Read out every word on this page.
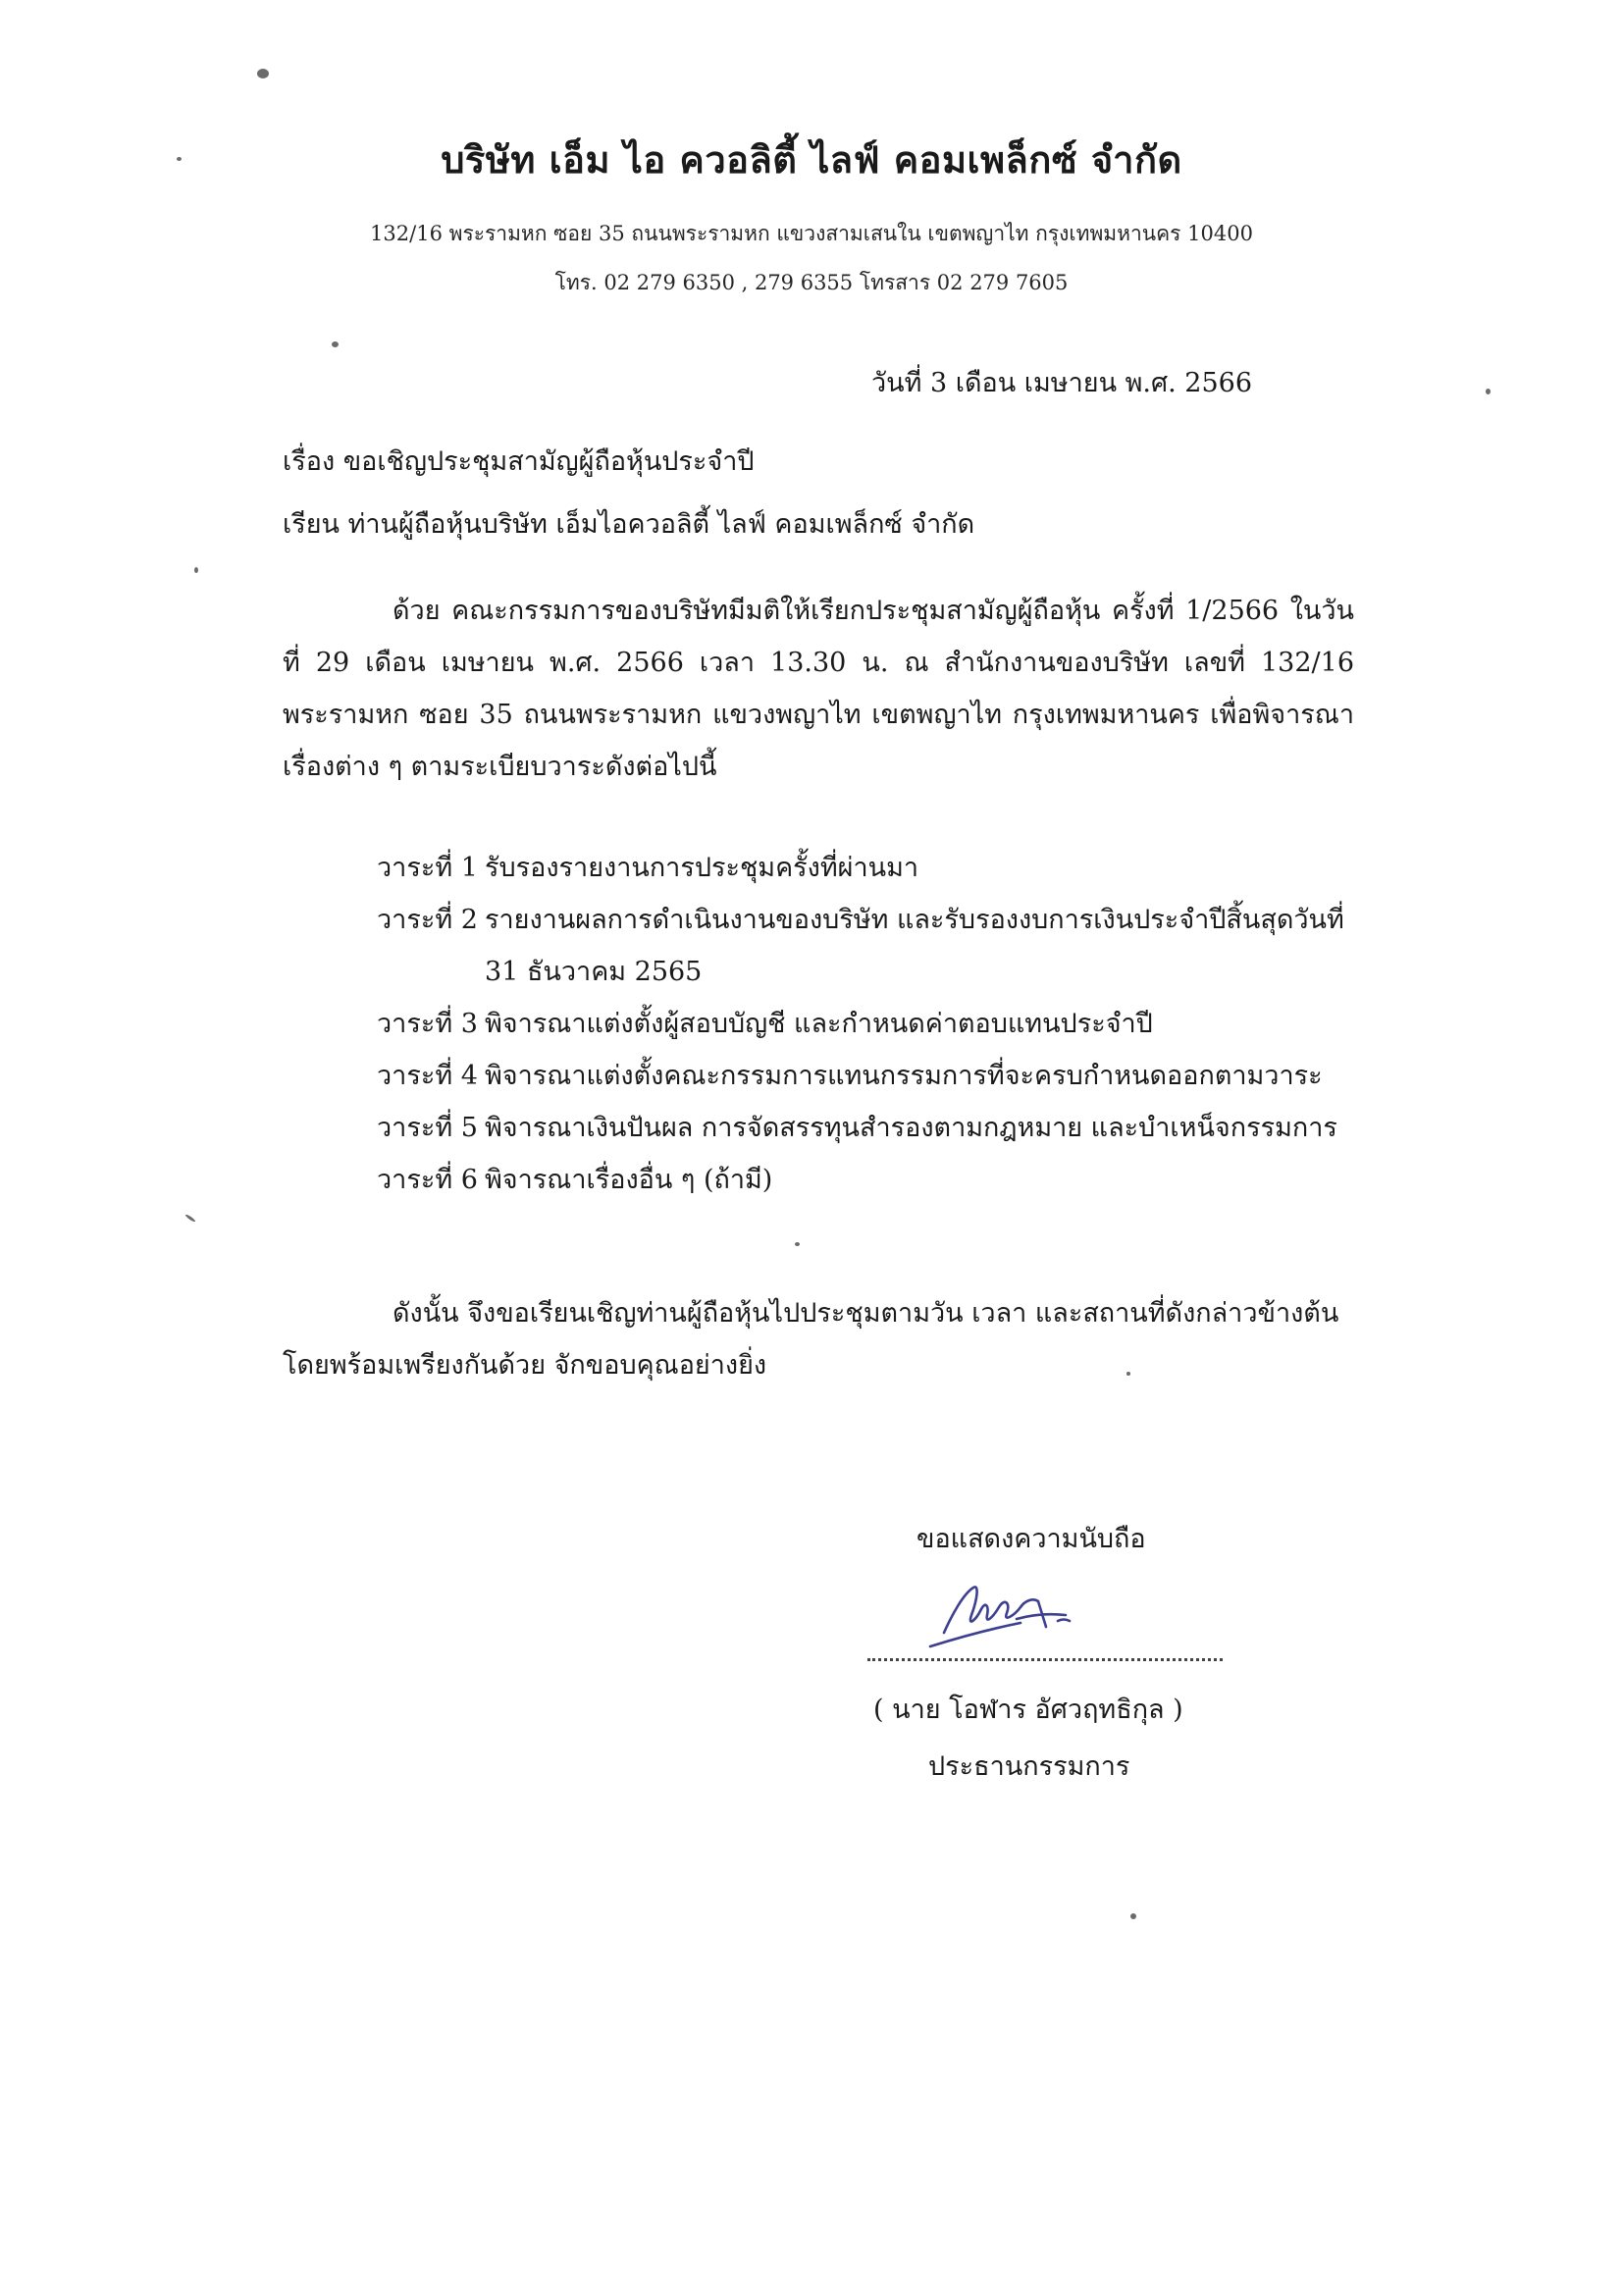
บริษัท เอ็ม ไอ ควอลิตี้ ไลฟ์ คอมเพล็กซ์ จำกัด
132/16 พระรามหก ซอย 35 ถนนพระรามหก แขวงสามเสนใน เขตพญาไท กรุงเทพมหานคร 10400
โทร. 02 279 6350 , 279 6355 โทรสาร 02 279 7605
วันที่ 3 เดือน เมษายน พ.ศ. 2566
เรื่อง ขอเชิญประชุมสามัญผู้ถือหุ้นประจำปี
เรียน ท่านผู้ถือหุ้นบริษัท เอ็มไอควอลิตี้ ไลฟ์ คอมเพล็กซ์ จำกัด
ด้วย คณะกรรมการของบริษัทมีมติให้เรียกประชุมสามัญผู้ถือหุ้น ครั้งที่ 1/2566 ในวันที่ 29 เดือน เมษายน พ.ศ. 2566 เวลา 13.30 น. ณ สำนักงานของบริษัท เลขที่ 132/16 พระรามหก ซอย 35 ถนนพระรามหก แขวงพญาไท เขตพญาไท กรุงเทพมหานคร เพื่อพิจารณาเรื่องต่าง ๆ ตามระเบียบวาระดังต่อไปนี้
วาระที่ 1 รับรองรายงานการประชุมครั้งที่ผ่านมา
วาระที่ 2 รายงานผลการดำเนินงานของบริษัท และรับรองงบการเงินประจำปีสิ้นสุดวันที่
31 ธันวาคม 2565
วาระที่ 3 พิจารณาแต่งตั้งผู้สอบบัญชี และกำหนดค่าตอบแทนประจำปี
วาระที่ 4 พิจารณาแต่งตั้งคณะกรรมการแทนกรรมการที่จะครบกำหนดออกตามวาระ
วาระที่ 5 พิจารณาเงินปันผล การจัดสรรทุนสำรองตามกฎหมาย และบำเหน็จกรรมการ
วาระที่ 6 พิจารณาเรื่องอื่น ๆ (ถ้ามี)
ดังนั้น จึงขอเรียนเชิญท่านผู้ถือหุ้นไปประชุมตามวัน เวลา และสถานที่ดังกล่าวข้างต้นโดยพร้อมเพรียงกันด้วย จักขอบคุณอย่างยิ่ง
ขอแสดงความนับถือ
( นาย โอฬาร อัศวฤทธิกุล )
ประธานกรรมการ
